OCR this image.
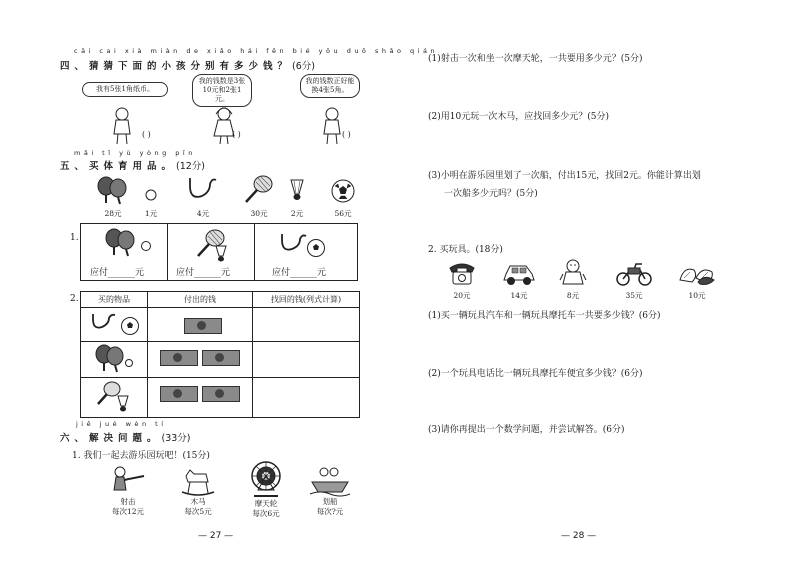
cāi cai xià miàn de xiǎo hái fēn bié yǒu duō shǎo qián
四、猜猜下面的小孩分别有多少钱？(6分)
我有5张1角纸币。
我的钱数是3张10元和2张1元。
我的钱数正好能换4张5角。
( )	( )	( )
mǎi tǐ yù yòng pǐn
五、买体育用品。(12分)
28元	1元	4元	30元	2元	56元
1.

应付______元	应付______元	应付______元
2. 买的物品	付出的钱	找回的钱(列式计算)

jiě jué wèn tí
六、解决问题。(33分)
1. 我们一起去游乐园玩吧！(15分)
射击
每次12元
木马
每次5元
摩天轮
每次6元
划船
每次?元
— 27 —
(1)射击一次和坐一次摩天轮，一共要用多少元？(5分)
(2)用10元玩一次木马，应找回多少元？(5分)
(3)小明在游乐园里划了一次船，付出15元，找回2元。你能计算出划
一次船多少元吗？(5分)
2. 买玩具。(18分)
20元	14元	8元	35元	10元
(1)买一辆玩具汽车和一辆玩具摩托车一共要多少钱？(6分)
(2)一个玩具电话比一辆玩具摩托车便宜多少钱？(6分)
(3)请你再提出一个数学问题，并尝试解答。(6分)
— 28 —
